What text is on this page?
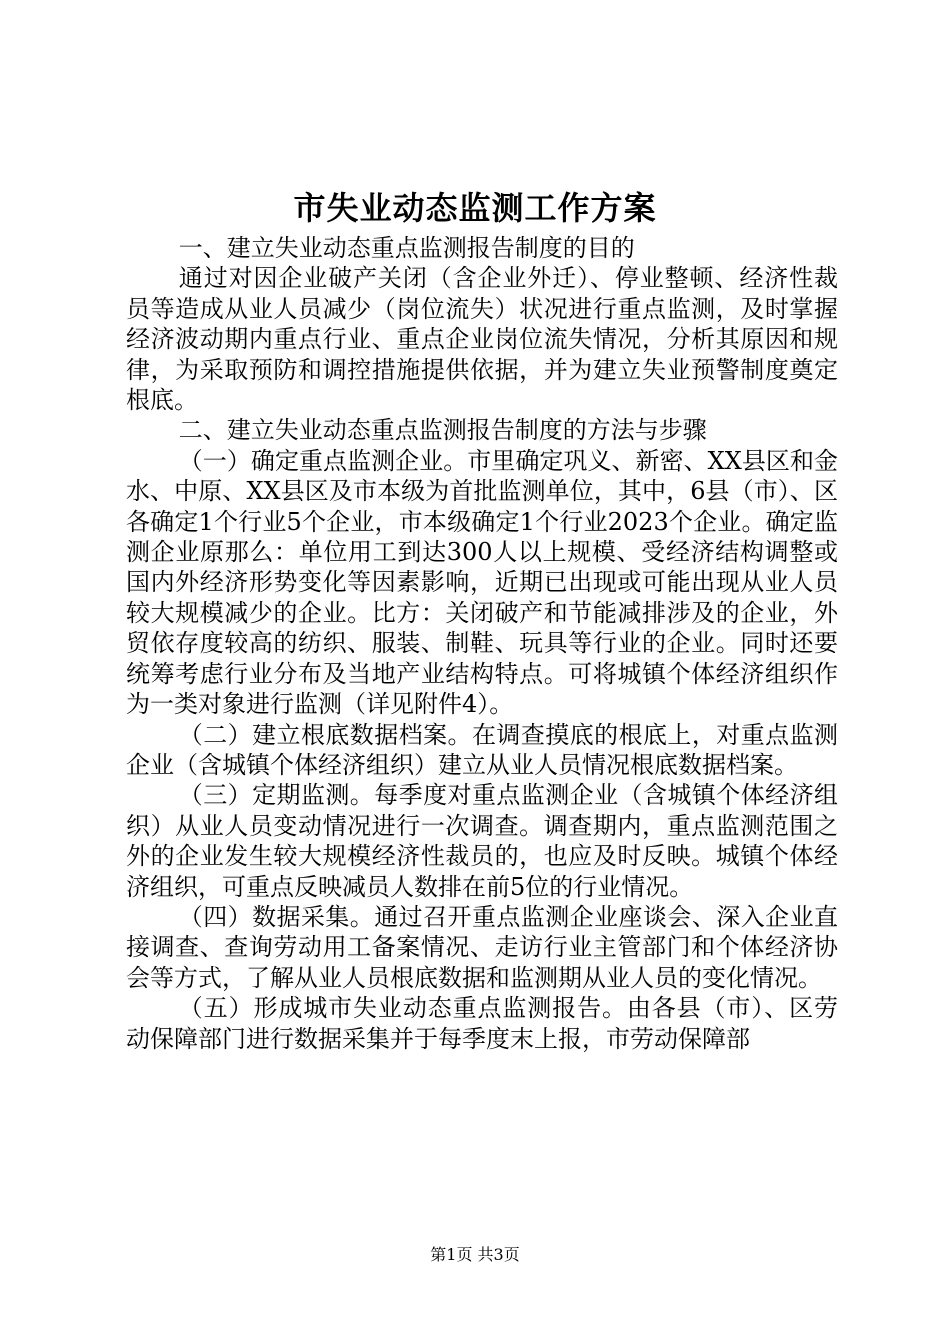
市失业动态监测工作方案

一、建立失业动态重点监测报告制度的目的

通过对因企业破产关闭（含企业外迁）、停业整顿、经济性裁员等造成从业人员减少（岗位流失）状况进行重点监测，及时掌握经济波动期内重点行业、重点企业岗位流失情况，分析其原因和规律，为采取预防和调控措施提供依据，并为建立失业预警制度奠定根底。

二、建立失业动态重点监测报告制度的方法与步骤

（一）确定重点监测企业。市里确定巩义、新密、XX县区和金水、中原、XX县区及市本级为首批监测单位，其中，6县（市）、区各确定1个行业5个企业，市本级确定1个行业2023个企业。确定监测企业原那么：单位用工到达300人以上规模、受经济结构调整或国内外经济形势变化等因素影响，近期已出现或可能出现从业人员较大规模减少的企业。比方：关闭破产和节能减排涉及的企业，外贸依存度较高的纺织、服装、制鞋、玩具等行业的企业。同时还要统筹考虑行业分布及当地产业结构特点。可将城镇个体经济组织作为一类对象进行监测（详见附件4）。

（二）建立根底数据档案。在调查摸底的根底上，对重点监测企业（含城镇个体经济组织）建立从业人员情况根底数据档案。

（三）定期监测。每季度对重点监测企业（含城镇个体经济组织）从业人员变动情况进行一次调查。调查期内，重点监测范围之外的企业发生较大规模经济性裁员的，也应及时反映。城镇个体经济组织，可重点反映减员人数排在前5位的行业情况。

（四）数据采集。通过召开重点监测企业座谈会、深入企业直接调查、查询劳动用工备案情况、走访行业主管部门和个体经济协会等方式，了解从业人员根底数据和监测期从业人员的变化情况。

（五）形成城市失业动态重点监测报告。由各县（市）、区劳动保障部门进行数据采集并于每季度末上报，市劳动保障部

第1页 共3页
